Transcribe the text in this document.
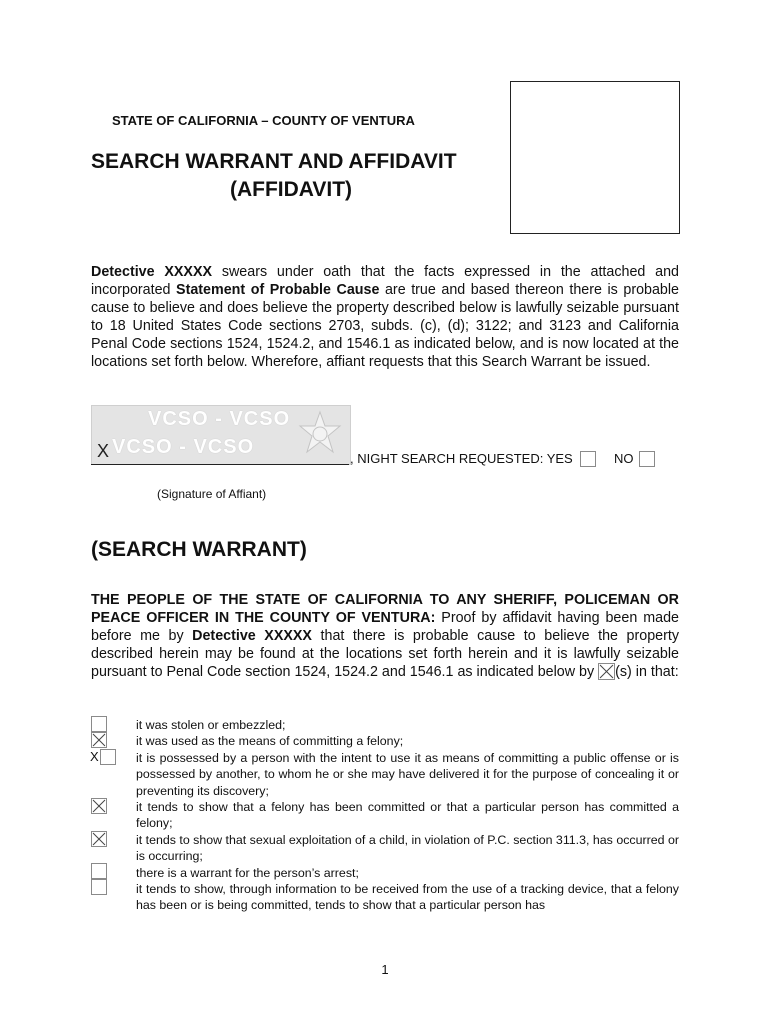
STATE OF CALIFORNIA – COUNTY OF VENTURA
SEARCH WARRANT AND AFFIDAVIT
(AFFIDAVIT)
Detective XXXXX swears under oath that the facts expressed in the attached and incorporated Statement of Probable Cause are true and based thereon there is probable cause to believe and does believe the property described below is lawfully seizable pursuant to 18 United States Code sections 2703, subds. (c), (d); 3122; and 3123 and California Penal Code sections 1524, 1524.2, and 1546.1 as indicated below, and is now located at the locations set forth below. Wherefore, affiant requests that this Search Warrant be issued.
VCSO - VCSO
VCSO - VCSO
X	, NIGHT SEARCH REQUESTED: YES	NO
(Signature of Affiant)
(SEARCH WARRANT)
THE PEOPLE OF THE STATE OF CALIFORNIA TO ANY SHERIFF, POLICEMAN OR PEACE OFFICER IN THE COUNTY OF VENTURA: Proof by affidavit having been made before me by Detective XXXXX that there is probable cause to believe the property described herein may be found at the locations set forth herein and it is lawfully seizable pursuant to Penal Code section 1524, 1524.2 and 1546.1 as indicated below by
(s) in that:
X
it was stolen or embezzled;
it was used as the means of committing a felony;
it is possessed by a person with the intent to use it as means of committing a public offense or is possessed by another, to whom he or she may have delivered it for the purpose of concealing it or preventing its discovery;
it tends to show that a felony has been committed or that a particular person has committed a felony;
it tends to show that sexual exploitation of a child, in violation of P.C. section 311.3, has occurred or is occurring;
there is a warrant for the person’s arrest;
it tends to show, through information to be received from the use of a tracking device, that a felony has been or is being committed, tends to show that a particular person has
1
